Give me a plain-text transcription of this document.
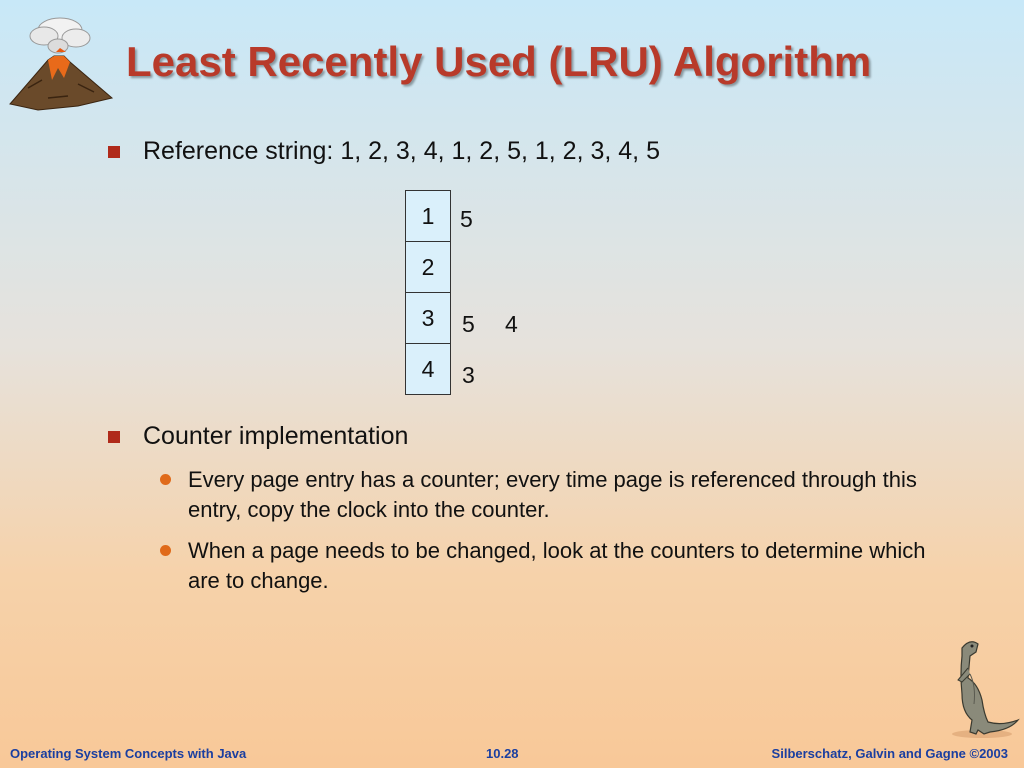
Least Recently Used (LRU) Algorithm
Reference string: 1, 2, 3, 4, 1, 2, 5, 1, 2, 3, 4, 5
1
2
3
4
5
5 4
3
Counter implementation
Every page entry has a counter; every time page is referenced through this entry, copy the clock into the counter.
When a page needs to be changed, look at the counters to determine which are to change.
Operating System Concepts with Java	10.28	Silberschatz, Galvin and Gagne ©2003
